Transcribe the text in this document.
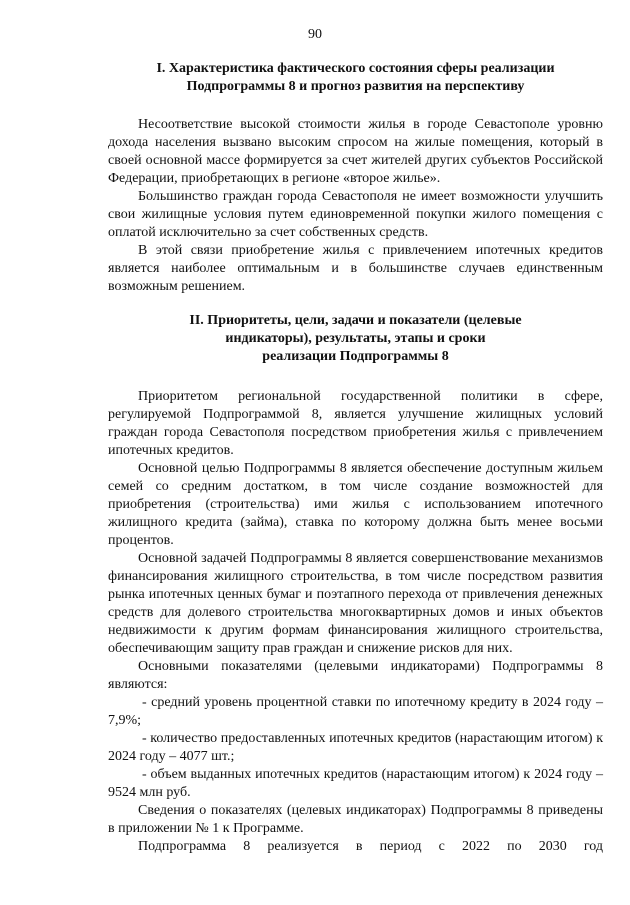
90
I. Характеристика фактического состояния сферы реализации
Подпрограммы 8 и прогноз развития на перспективу

Несоответствие высокой стоимости жилья в городе Севастополе уровню дохода населения вызвано высоким спросом на жилые помещения, который в своей основной массе формируется за счет жителей других субъектов Российской Федерации, приобретающих в регионе «второе жилье».

Большинство граждан города Севастополя не имеет возможности улучшить свои жилищные условия путем единовременной покупки жилого помещения с оплатой исключительно за счет собственных средств.

В этой связи приобретение жилья с привлечением ипотечных кредитов является наиболее оптимальным и в большинстве случаев единственным возможным решением.

II. Приоритеты, цели, задачи и показатели (целевые
индикаторы), результаты, этапы и сроки
реализации Подпрограммы 8

Приоритетом региональной государственной политики в сфере, регулируемой Подпрограммой 8, является улучшение жилищных условий граждан города Севастополя посредством приобретения жилья с привлечением ипотечных кредитов.

Основной целью Подпрограммы 8 является обеспечение доступным жильем семей со средним достатком, в том числе создание возможностей для приобретения (строительства) ими жилья с использованием ипотечного жилищного кредита (займа), ставка по которому должна быть менее восьми процентов.

Основной задачей Подпрограммы 8 является совершенствование механизмов финансирования жилищного строительства, в том числе посредством развития рынка ипотечных ценных бумаг и поэтапного перехода от привлечения денежных средств для долевого строительства многоквартирных домов и иных объектов недвижимости к другим формам финансирования жилищного строительства, обеспечивающим защиту прав граждан и снижение рисков для них.

Основными показателями (целевыми индикаторами) Подпрограммы 8 являются:

- средний уровень процентной ставки по ипотечному кредиту в 2024 году – 7,9%;

- количество предоставленных ипотечных кредитов (нарастающим итогом) к 2024 году – 4077 шт.;

- объем выданных ипотечных кредитов (нарастающим итогом) к 2024 году – 9524 млн руб.

Сведения о показателях (целевых индикаторах) Подпрограммы 8 приведены в приложении № 1 к Программе.

Подпрограмма 8 реализуется в период с 2022 по 2030 год
